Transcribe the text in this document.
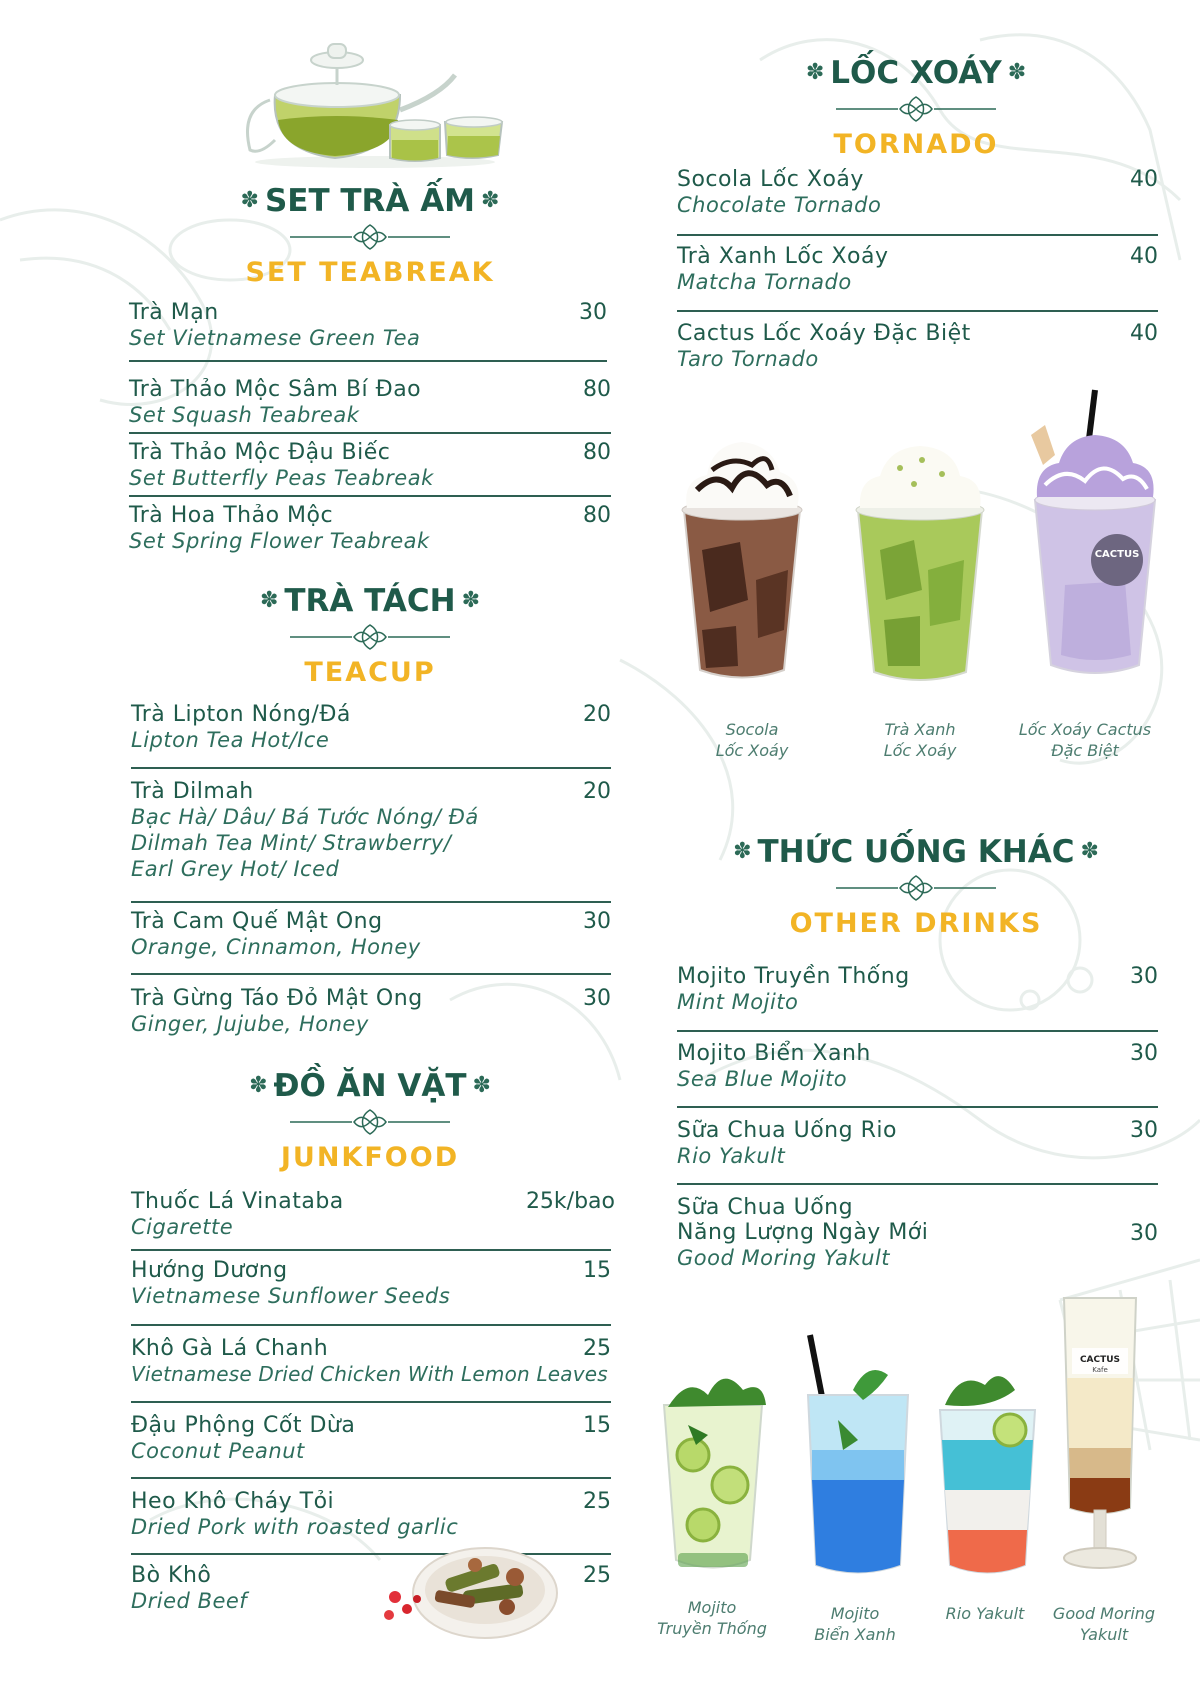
✽ SET TRÀ ẤM ✽
SET TEABREAK
Trà Mạn
Set Vietnamese Green Tea
30
Trà Thảo Mộc Sâm Bí Đao
Set Squash Teabreak
80
Trà Thảo Mộc Đậu Biếc
Set Butterfly Peas Teabreak
80
Trà Hoa Thảo Mộc
Set Spring Flower Teabreak
80
✽ TRÀ TÁCH ✽
TEACUP
Trà Lipton Nóng/Đá
Lipton Tea Hot/Ice
20
Trà Dilmah
Bạc Hà/ Dâu/ Bá Tước Nóng/ Đá
Dilmah Tea Mint/ Strawberry/
Earl Grey Hot/ Iced
20
Trà Cam Quế Mật Ong
Orange, Cinnamon, Honey
30
Trà Gừng Táo Đỏ Mật Ong
Ginger, Jujube, Honey
30
✽ ĐỒ ĂN VẶT ✽
JUNKFOOD
Thuốc Lá Vinataba
Cigarette
25k/bao
Hướng Dương
Vietnamese Sunflower Seeds
15
Khô Gà Lá Chanh
Vietnamese Dried Chicken With Lemon Leaves
25
Đậu Phộng Cốt Dừa
Coconut Peanut
15
Heo Khô Cháy Tỏi
Dried Pork with roasted garlic
25
Bò Khô
Dried Beef
25
✽ LỐC XOÁY ✽
TORNADO
Socola Lốc Xoáy
Chocolate Tornado
40
Trà Xanh Lốc Xoáy
Matcha Tornado
40
Cactus Lốc Xoáy Đặc Biệt
Taro Tornado
40
CACTUS
Socola
Lốc Xoáy
Trà Xanh
Lốc Xoáy
Lốc Xoáy Cactus
Đặc Biệt
✽ THỨC UỐNG KHÁC ✽
OTHER DRINKS
Mojito Truyền Thống
Mint Mojito
30
Mojito Biển Xanh
Sea Blue Mojito
30
Sữa Chua Uống Rio
Rio Yakult
30
Sữa Chua Uống
Năng Lượng Ngày Mới
Good Moring Yakult
30
CACTUS
Kafe
Mojito
Truyền Thống
Mojito
Biển Xanh
Rio Yakult	Good Moring
Yakult
